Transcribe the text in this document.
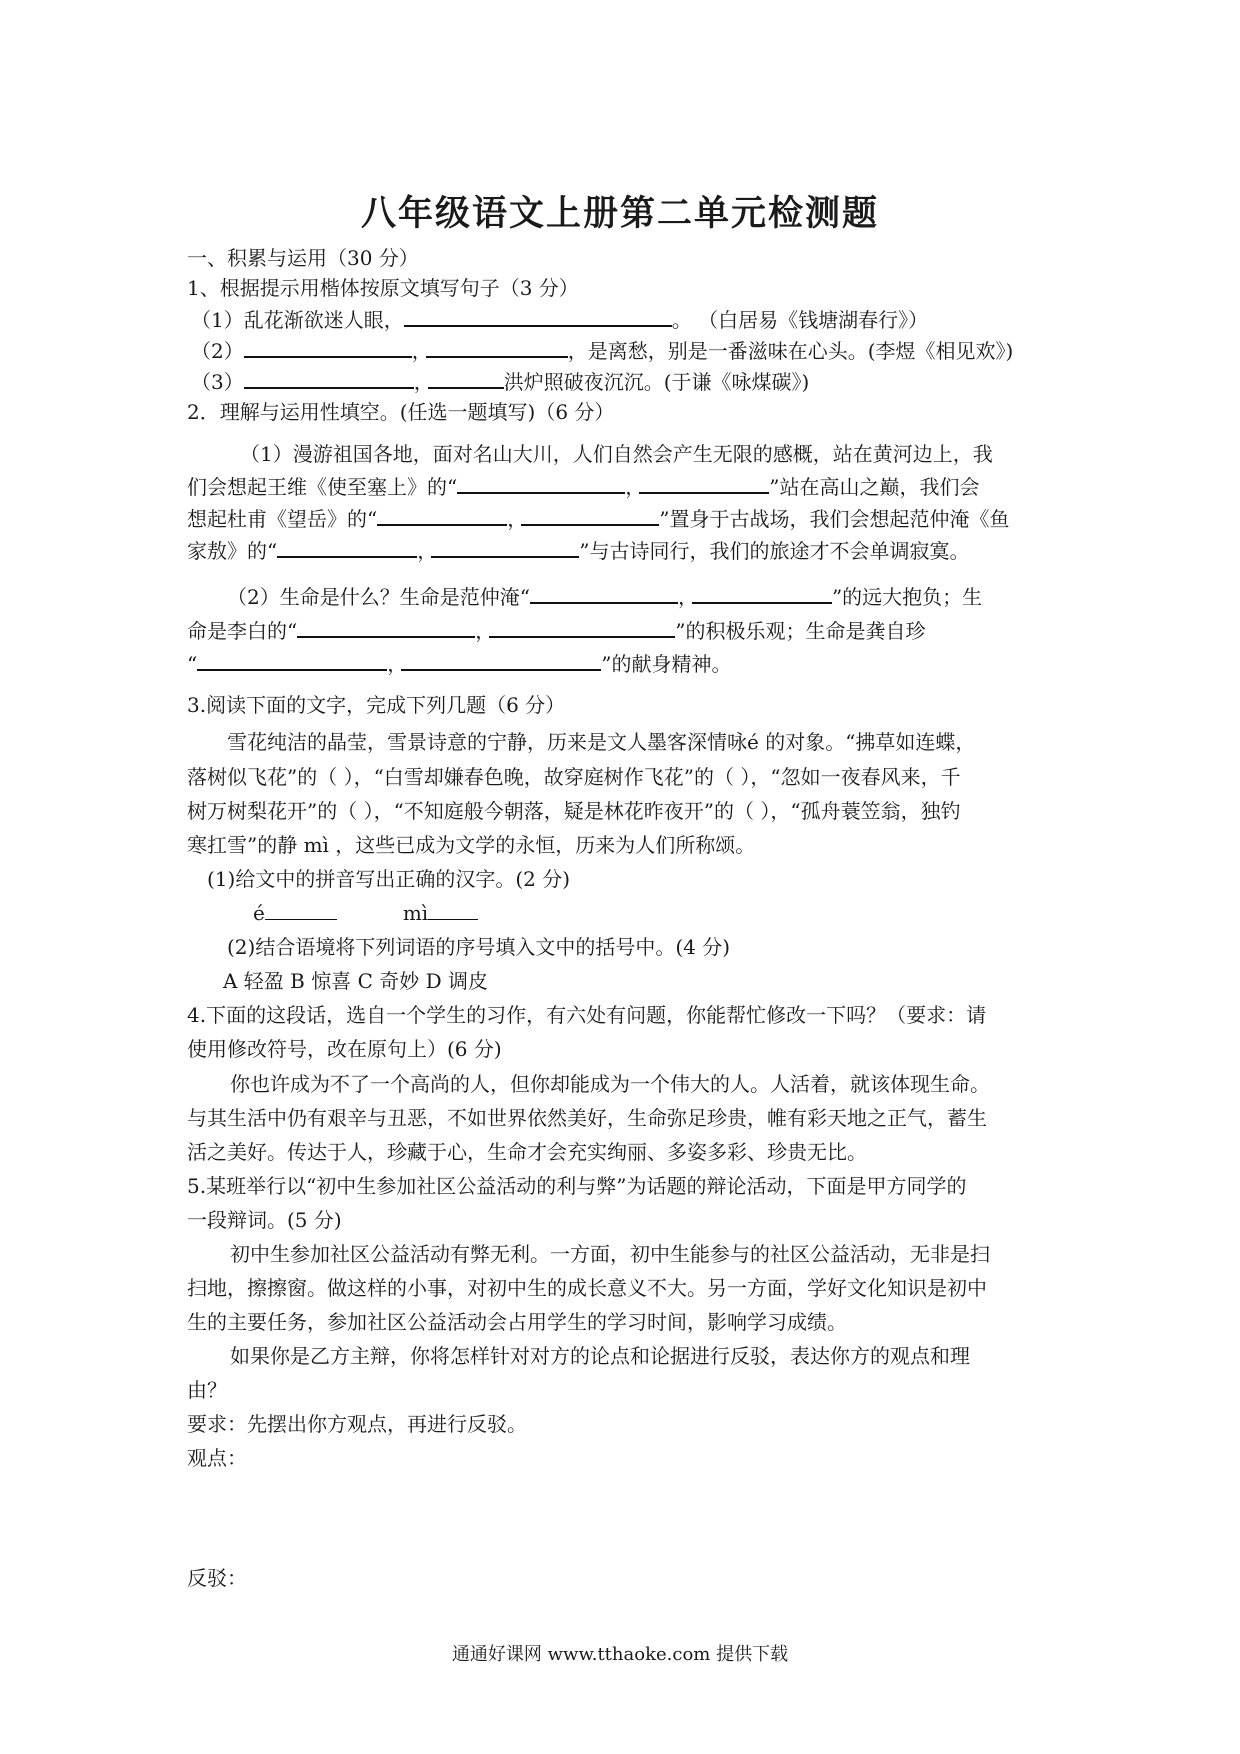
八年级语文上册第二单元检测题
一、积累与运用（30 分）
1、根据提示用楷体按原文填写句子（3 分）
（1）乱花渐欲迷人眼，	。 （白居易《钱塘湖春行》）
（2）	，	，是离愁，别是一番滋味在心头。(李煜《相见欢》)
（3）	，	洪炉照破夜沉沉。(于谦《咏煤碳》)
2．理解与运用性填空。(任选一题填写)（6 分）
（1）漫游祖国各地，面对名山大川，人们自然会产生无限的感概，站在黄河边上，我
们会想起王维《使至塞上》的“	，	”站在高山之巅，我们会
想起杜甫《望岳》的“	，	”置身于古战场，我们会想起范仲淹《鱼
家敖》的“	，	”与古诗同行，我们的旅途才不会单调寂寞。
（2）生命是什么？生命是范仲淹“	，	”的远大抱负；生
命是李白的“	，	”的积极乐观；生命是龚自珍
“	，	”的献身精神。
3.阅读下面的文字，完成下列几题（6 分）
雪花纯洁的晶莹，雪景诗意的宁静，历来是文人墨客深情咏é 的对象。“拂草如连蝶，
落树似飞花”的（ ），“白雪却嫌春色晚，故穿庭树作飞花”的（ ），“忽如一夜春风来，千
树万树梨花开”的（ ），“不知庭般今朝落，疑是林花昨夜开”的（ ），“孤舟蓑笠翁，独钓
寒扛雪”的静 mì ，这些已成为文学的永恒，历来为人们所称颂。
(1)给文中的拼音写出正确的汉字。(2 分)
é	mì
(2)结合语境将下列词语的序号填入文中的括号中。(4 分)
A 轻盈 B 惊喜 C 奇妙 D 调皮
4.下面的这段话，选自一个学生的习作，有六处有问题，你能帮忙修改一下吗？（要求：请
使用修改符号，改在原句上）(6 分)
你也许成为不了一个高尚的人，但你却能成为一个伟大的人。人活着，就该体现生命。
与其生活中仍有艰辛与丑恶，不如世界依然美好，生命弥足珍贵，帷有彩天地之正气，蓄生
活之美好。传达于人，珍藏于心，生命才会充实绚丽、多姿多彩、珍贵无比。
5.某班举行以“初中生参加社区公益活动的利与弊”为话题的辩论活动，下面是甲方同学的
一段辩词。(5 分)
初中生参加社区公益活动有弊无利。一方面，初中生能参与的社区公益活动，无非是扫
扫地，擦擦窗。做这样的小事，对初中生的成长意义不大。另一方面，学好文化知识是初中
生的主要任务，参加社区公益活动会占用学生的学习时间，影响学习成绩。
如果你是乙方主辩，你将怎样针对对方的论点和论据进行反驳，表达你方的观点和理
由？
要求：先摆出你方观点，再进行反驳。
观点：
反驳：
通通好课网 www.tthaoke.com 提供下载
